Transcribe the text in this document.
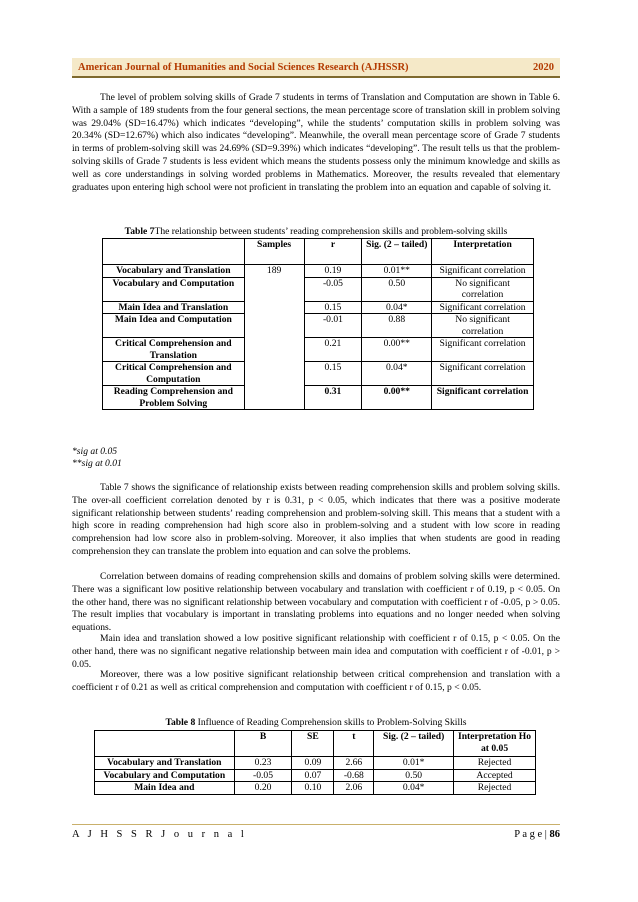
American Journal of Humanities and Social Sciences Research (AJHSSR)	2020

The level of problem solving skills of Grade 7 students in terms of Translation and Computation are shown in Table 6. With a sample of 189 students from the four general sections, the mean percentage score of translation skill in problem solving was 29.04% (SD=16.47%) which indicates “developing”, while the students’ computation skills in problem solving was 20.34% (SD=12.67%) which also indicates “developing”. Meanwhile, the overall mean percentage score of Grade 7 students in terms of problem-solving skill was 24.69% (SD=9.39%) which indicates “developing”. The result tells us that the problem-solving skills of Grade 7 students is less evident which means the students possess only the minimum knowledge and skills as well as core understandings in solving worded problems in Mathematics. Moreover, the results revealed that elementary graduates upon entering high school were not proficient in translating the problem into an equation and capable of solving it.

Table 7The relationship between students’ reading comprehension skills and problem-solving skills
	Samples	r	Sig. (2 – tailed)	Interpretation
Vocabulary and Translation	189	0.19	0.01**	Significant correlation
Vocabulary and Computation		-0.05	0.50	No significant correlation
Main Idea and Translation		0.15	0.04*	Significant correlation
Main Idea and Computation		-0.01	0.88	No significant correlation
Critical Comprehension and Translation		0.21	0.00**	Significant correlation
Critical Comprehension and Computation		0.15	0.04*	Significant correlation
Reading Comprehension and Problem Solving		0.31	0.00**	Significant correlation
*sig at 0.05
**sig at 0.01

Table 7 shows the significance of relationship exists between reading comprehension skills and problem solving skills. The over-all coefficient correlation denoted by r is 0.31, p < 0.05, which indicates that there was a positive moderate significant relationship between students’ reading comprehension and problem-solving skill. This means that a student with a high score in reading comprehension had high score also in problem-solving and a student with low score in reading comprehension had low score also in problem-solving. Moreover, it also implies that when students are good in reading comprehension they can translate the problem into equation and can solve the problems.

Correlation between domains of reading comprehension skills and domains of problem solving skills were determined. There was a significant low positive relationship between vocabulary and translation with coefficient r of 0.19, p < 0.05. On the other hand, there was no significant relationship between vocabulary and computation with coefficient r of -0.05, p > 0.05. The result implies that vocabulary is important in translating problems into equations and no longer needed when solving equations.

Main idea and translation showed a low positive significant relationship with coefficient r of 0.15, p < 0.05. On the other hand, there was no significant negative relationship between main idea and computation with coefficient r of -0.01, p > 0.05.

Moreover, there was a low positive significant relationship between critical comprehension and translation with a coefficient r of 0.21 as well as critical comprehension and computation with coefficient r of 0.15, p < 0.05.

Table 8 Influence of Reading Comprehension skills to Problem-Solving Skills
	B	SE	t	Sig. (2 – tailed)	Interpretation Ho at 0.05
Vocabulary and Translation	0.23	0.09	2.66	0.01*	Rejected
Vocabulary and Computation	-0.05	0.07	-0.68	0.50	Accepted
Main Idea and	0.20	0.10	2.06	0.04*	Rejected
A J H S S R J o u r n a l	P a g e | 86
